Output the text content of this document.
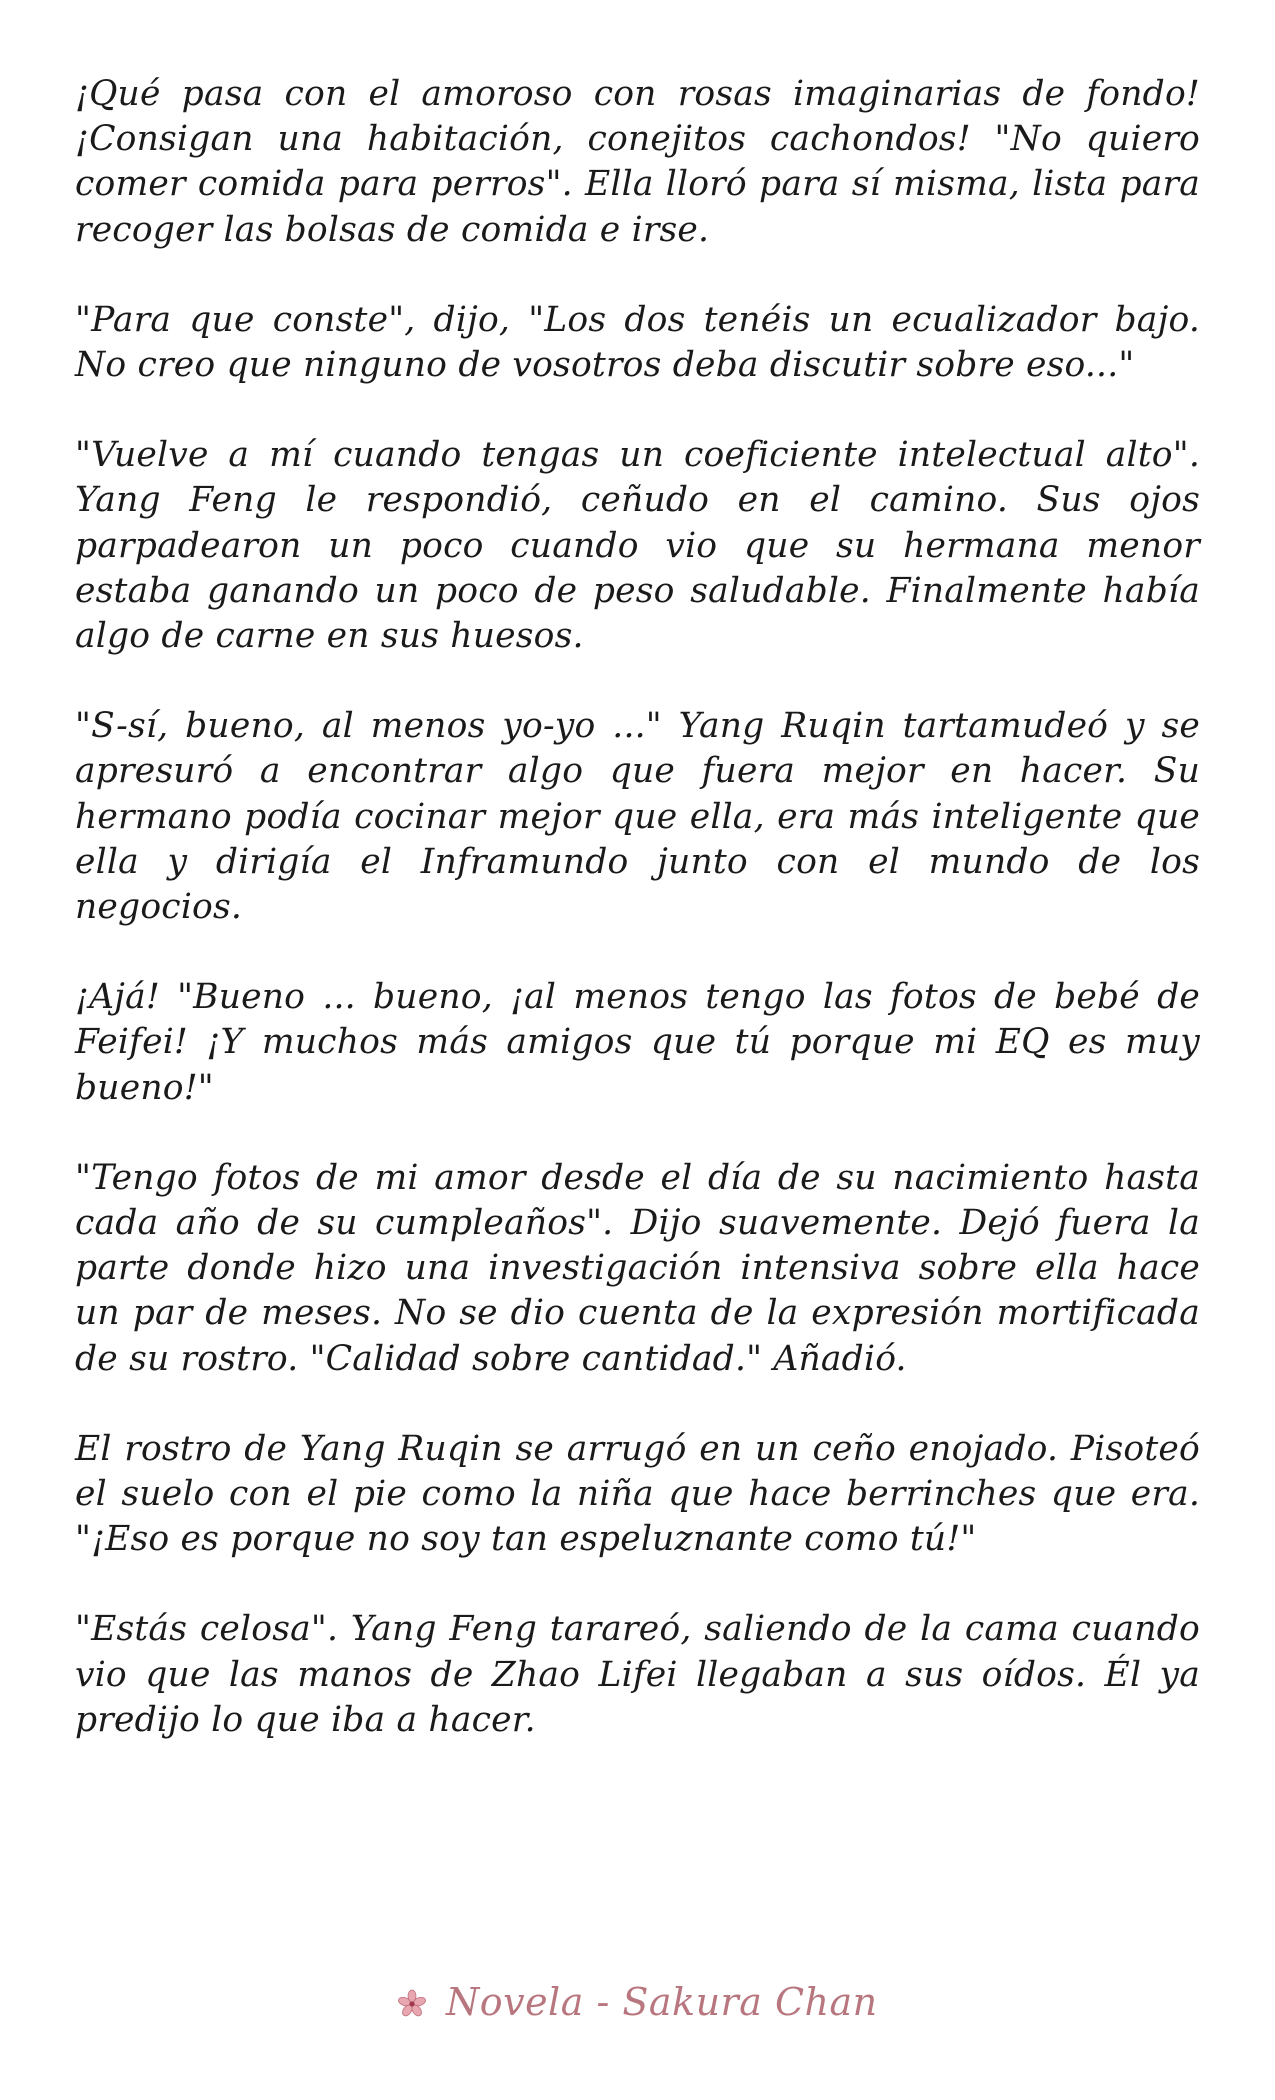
¡Qué pasa con el amoroso con rosas imaginarias de fondo! ¡Consigan una habitación, conejitos cachondos! "No quiero comer comida para perros". Ella lloró para sí misma, lista para recoger las bolsas de comida e irse.

"Para que conste", dijo, "Los dos tenéis un ecualizador bajo. No creo que ninguno de vosotros deba discutir sobre eso..."

"Vuelve a mí cuando tengas un coeficiente intelectual alto". Yang Feng le respondió, ceñudo en el camino. Sus ojos parpadearon un poco cuando vio que su hermana menor estaba ganando un poco de peso saludable. Finalmente había algo de carne en sus huesos.

"S-sí, bueno, al menos yo-yo ..." Yang Ruqin tartamudeó y se apresuró a encontrar algo que fuera mejor en hacer. Su hermano podía cocinar mejor que ella, era más inteligente que ella y dirigía el Inframundo junto con el mundo de los negocios.

¡Ajá! "Bueno ... bueno, ¡al menos tengo las fotos de bebé de Feifei! ¡Y muchos más amigos que tú porque mi EQ es muy bueno!"

"Tengo fotos de mi amor desde el día de su nacimiento hasta cada año de su cumpleaños". Dijo suavemente. Dejó fuera la parte donde hizo una investigación intensiva sobre ella hace un par de meses. No se dio cuenta de la expresión mortificada de su rostro. "Calidad sobre cantidad." Añadió.

El rostro de Yang Ruqin se arrugó en un ceño enojado. Pisoteó el suelo con el pie como la niña que hace berrinches que era. "¡Eso es porque no soy tan espeluznante como tú!"

"Estás celosa". Yang Feng tarareó, saliendo de la cama cuando vio que las manos de Zhao Lifei llegaban a sus oídos. Él ya predijo lo que iba a hacer.

Novela - Sakura Chan
